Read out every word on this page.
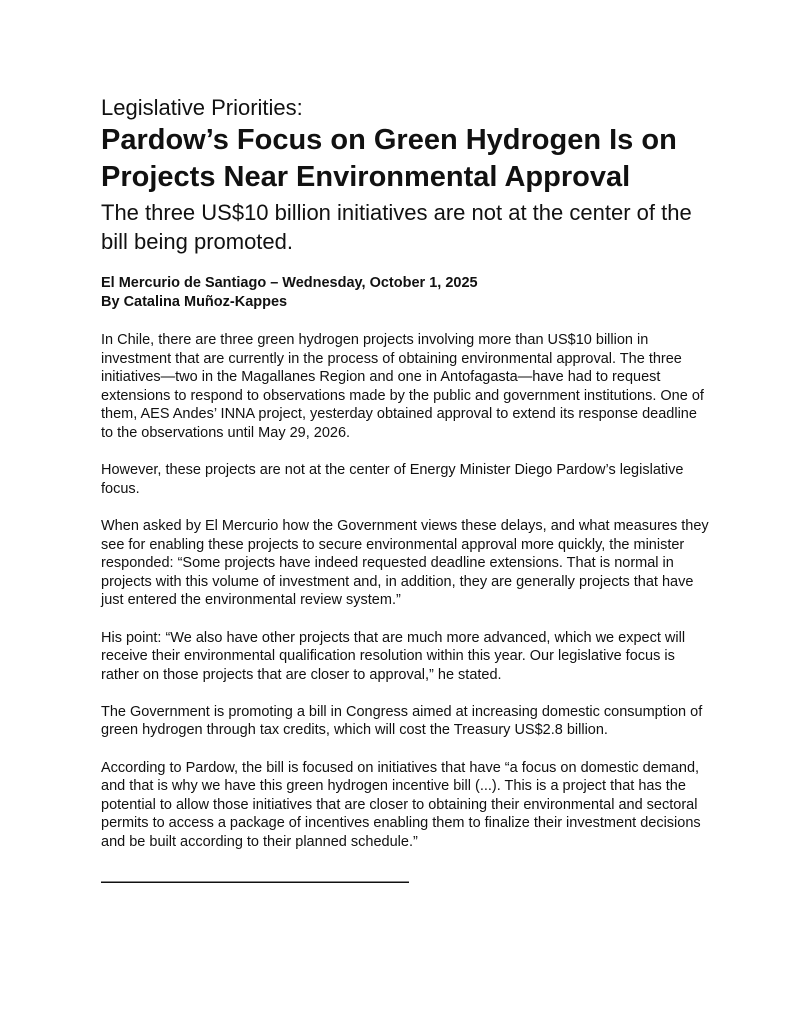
Legislative Priorities:
Pardow’s Focus on Green Hydrogen Is on Projects Near Environmental Approval
The three US$10 billion initiatives are not at the center of the bill being promoted.
El Mercurio de Santiago – Wednesday, October 1, 2025
By Catalina Muñoz-Kappes

In Chile, there are three green hydrogen projects involving more than US$10 billion in investment that are currently in the process of obtaining environmental approval. The three initiatives—two in the Magallanes Region and one in Antofagasta—have had to request extensions to respond to observations made by the public and government institutions. One of them, AES Andes’ INNA project, yesterday obtained approval to extend its response deadline to the observations until May 29, 2026.

However, these projects are not at the center of Energy Minister Diego Pardow’s legislative focus.

When asked by El Mercurio how the Government views these delays, and what measures they see for enabling these projects to secure environmental approval more quickly, the minister responded: “Some projects have indeed requested deadline extensions. That is normal in projects with this volume of investment and, in addition, they are generally projects that have just entered the environmental review system.”

His point: “We also have other projects that are much more advanced, which we expect will receive their environmental qualification resolution within this year. Our legislative focus is rather on those projects that are closer to approval,” he stated.

The Government is promoting a bill in Congress aimed at increasing domestic consumption of green hydrogen through tax credits, which will cost the Treasury US$2.8 billion.

According to Pardow, the bill is focused on initiatives that have “a focus on domestic demand, and that is why we have this green hydrogen incentive bill (...). This is a project that has the potential to allow those initiatives that are closer to obtaining their environmental and sectoral permits to access a package of incentives enabling them to finalize their investment decisions and be built according to their planned schedule.”

——————————————
